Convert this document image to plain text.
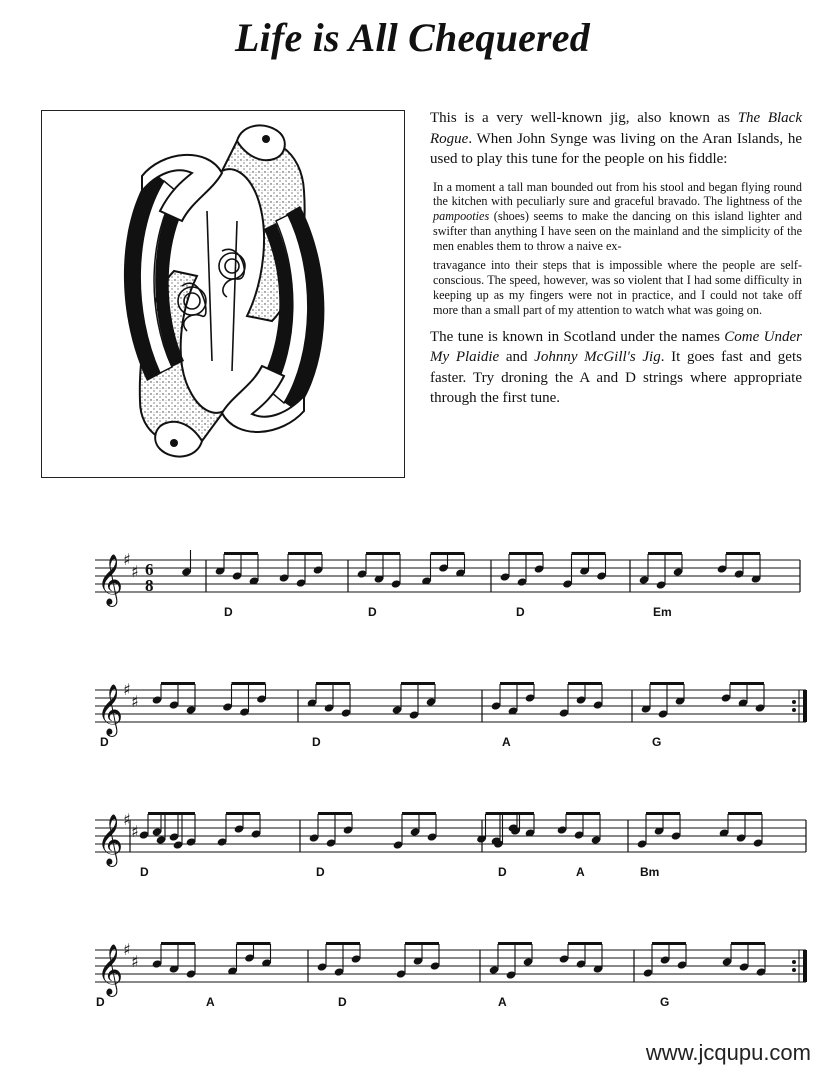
Life is All Chequered

This is a very well-known jig, also known as The Black Rogue. When John Synge was living on the Aran Islands, he used to play this tune for the people on his fiddle:

In a moment a tall man bounded out from his stool and began flying round the kitchen with peculiarly sure and graceful bravado. The lightness of the pampooties (shoes) seems to make the dancing on this island lighter and swifter than anything I have seen on the mainland and the simplicity of the men enables them to throw a naive ex-
travagance into their steps that is impossible where the people are self-conscious. The speed, however, was so violent that I had some difficulty in keeping up as my fingers were not in practice, and I could not take off more than a small part of my attention to watch what was going on.

The tune is known in Scotland under the names Come Under My Plaidie and Johnny McGill's Jig. It goes fast and gets faster. Try droning the A and D strings where appropriate through the first tune.

𝄞 ♯
♯ 6
8
D	D	D	Em
𝄞 ♯
♯
D	D	A	G
𝄞 ♯
♯
D	D	D	A	Bm
𝄞 ♯
♯
D	A	D	A	G

www.jcqupu.com
